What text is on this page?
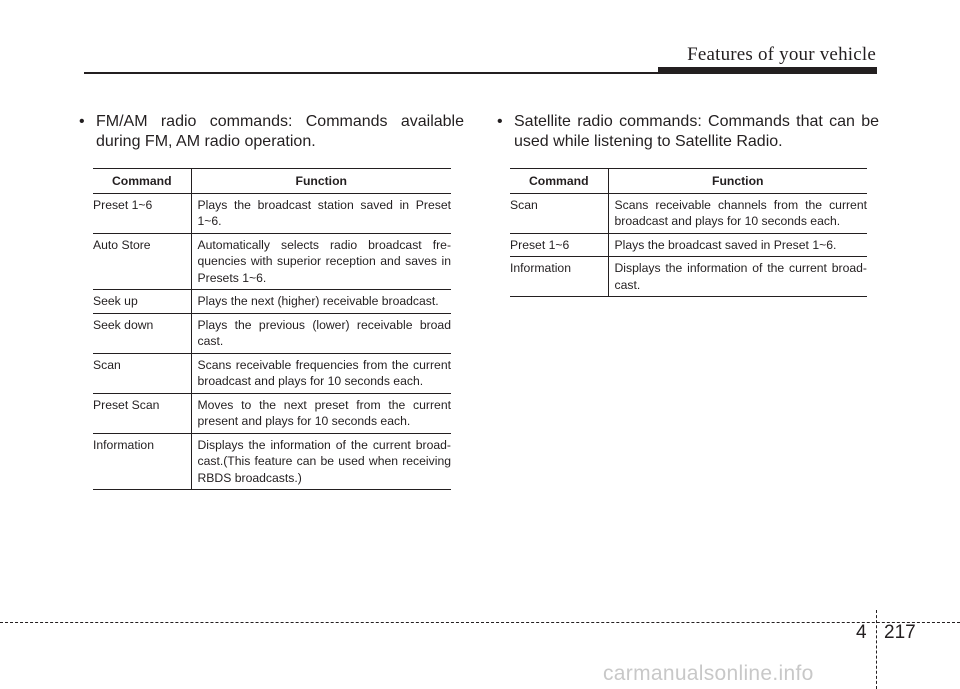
Features of your vehicle
• FM/AM radio commands: Commands available during FM, AM radio operation.
Command	Function
Preset 1~6	Plays the broadcast station saved in Preset 1~6.
Auto Store	Automatically selects radio broadcast fre- quencies with superior reception and saves in Presets 1~6.
Seek up	Plays the next (higher) receivable broadcast.
Seek down	Plays the previous (lower) receivable broad cast.
Scan	Scans receivable frequencies from the current broadcast and plays for 10 seconds each.
Preset Scan	Moves to the next preset from the current present and plays for 10 seconds each.
Information	Displays the information of the current broad- cast.(This feature can be used when receiving RBDS broadcasts.)
• Satellite radio commands: Commands that can be used while listening to Satellite Radio.
Command	Function
Scan	Scans receivable channels from the current broadcast and plays for 10 seconds each.
Preset 1~6	Plays the broadcast saved in Preset 1~6.
Information	Displays the information of the current broad- cast.
4 217
carmanualsonline.info
